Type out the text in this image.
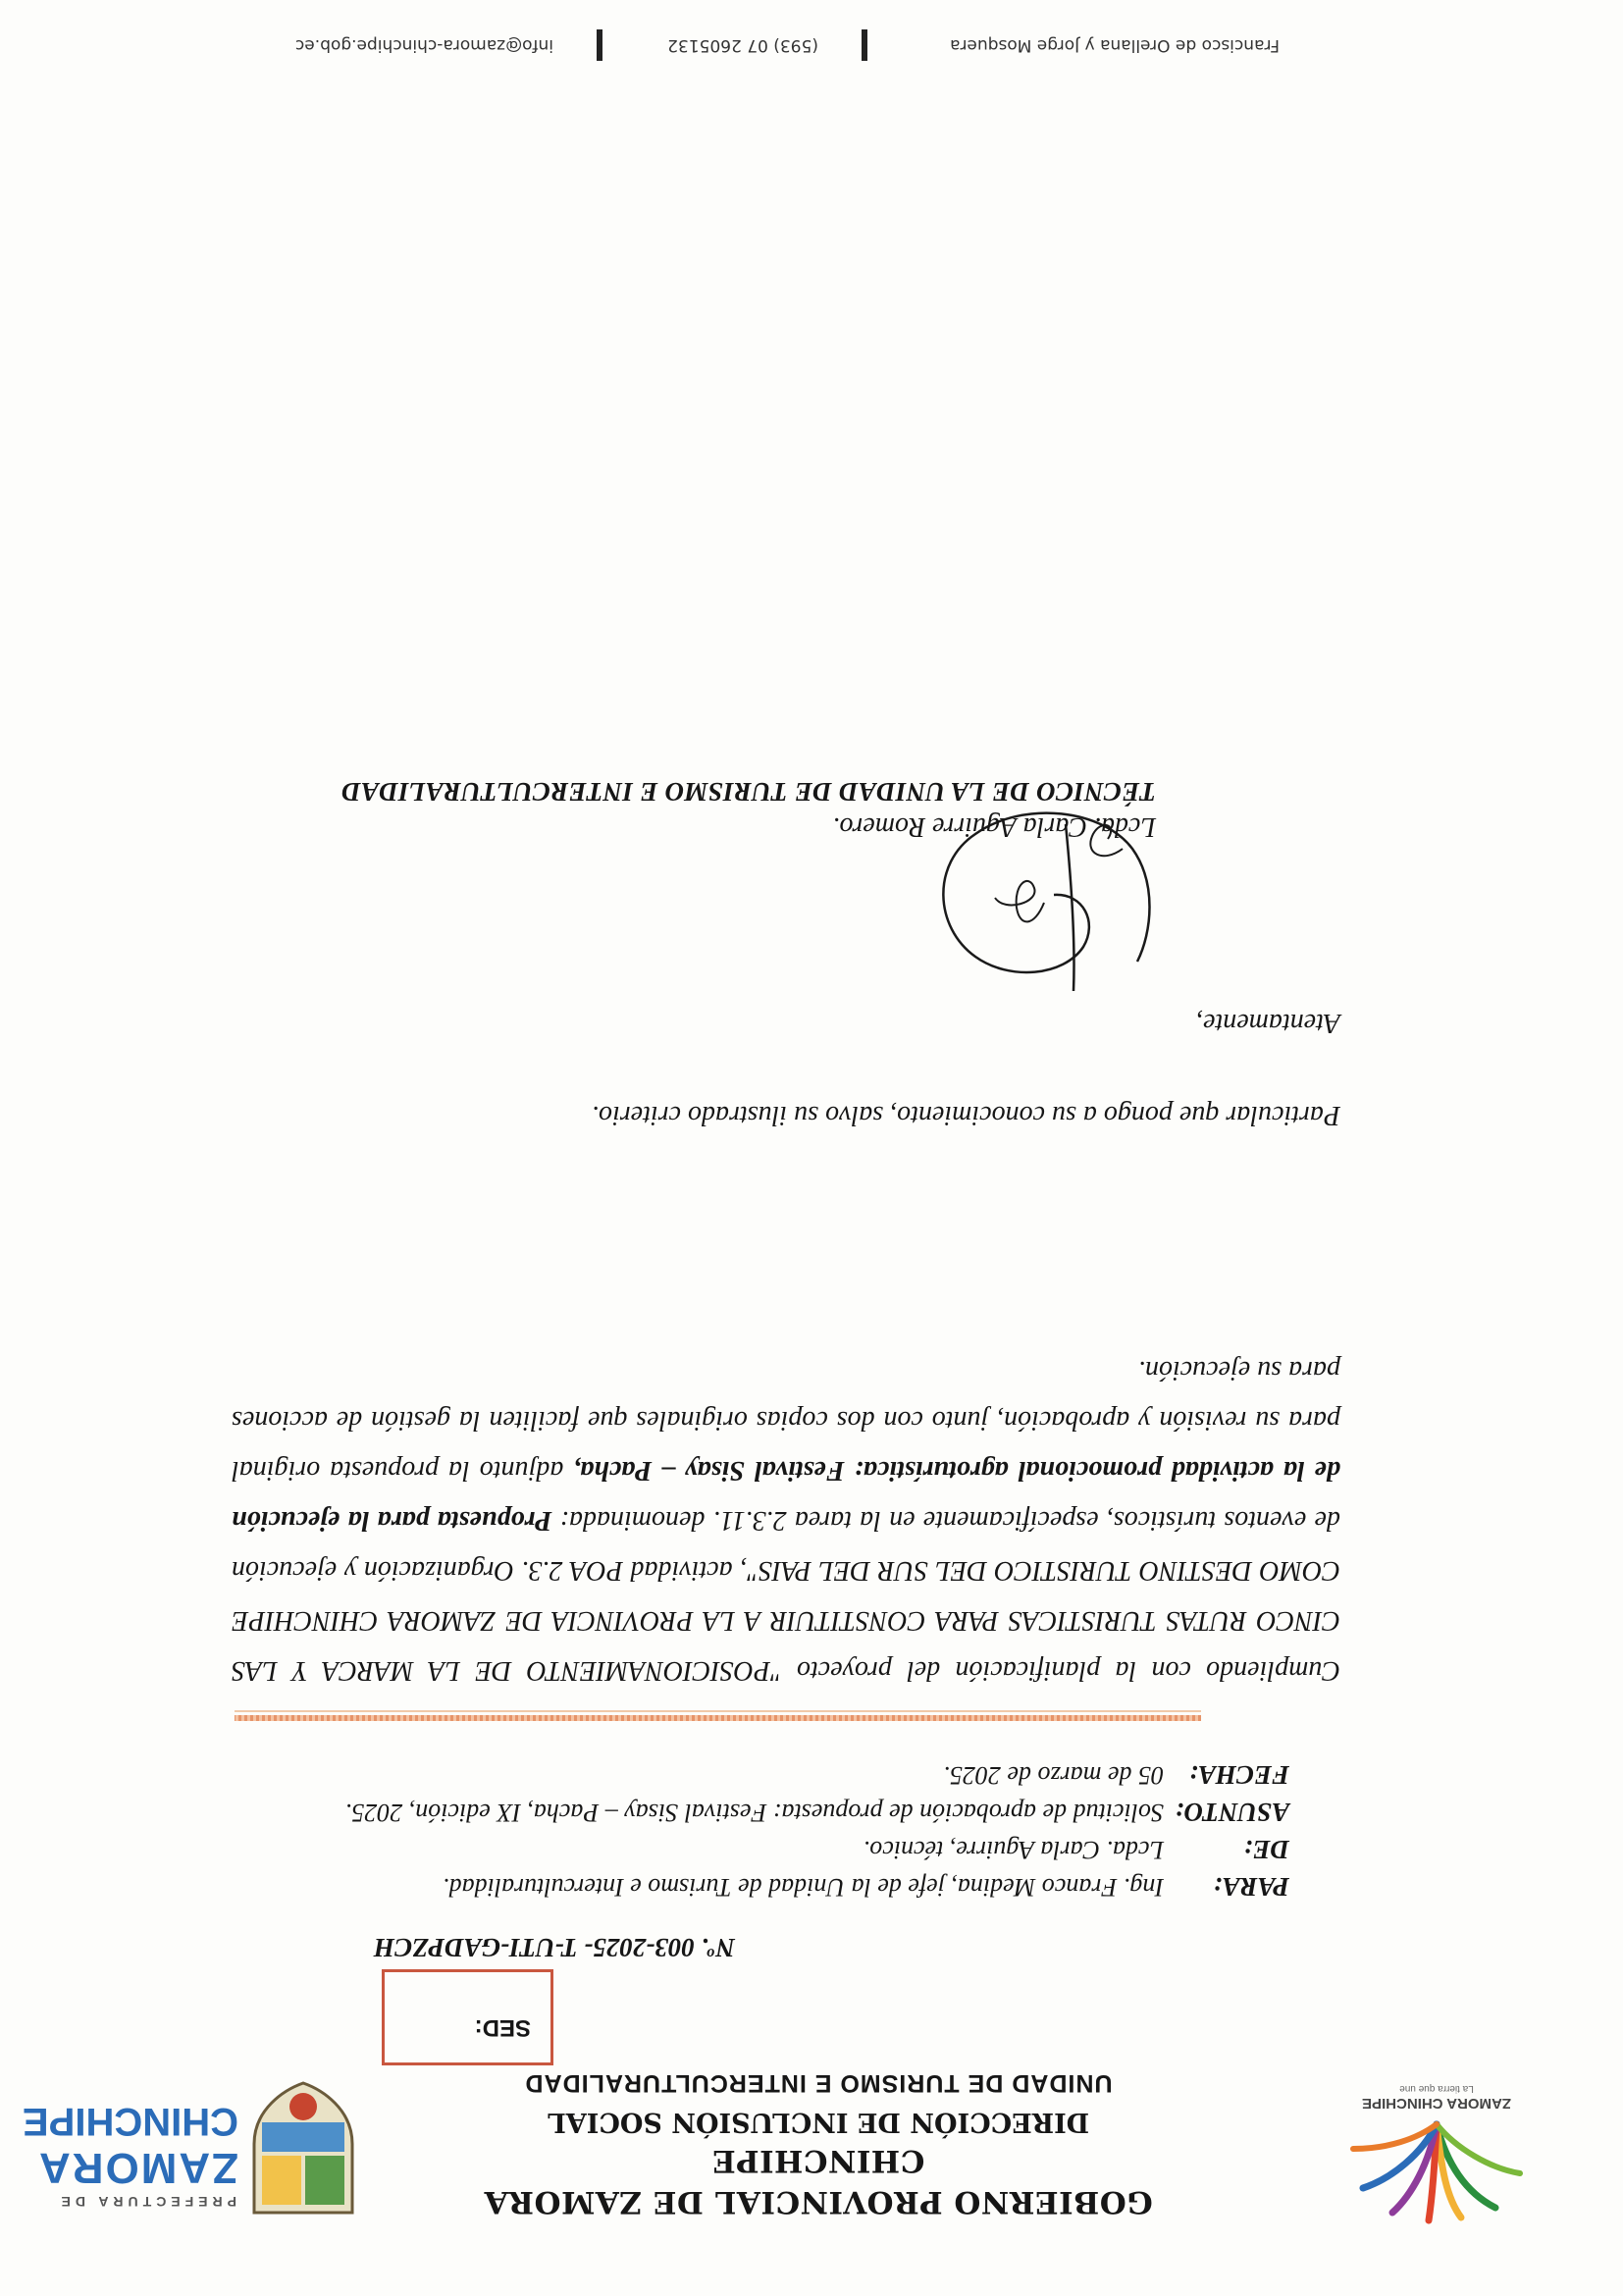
ZAMORA CHINCHIPE
La tierra que une
GOBIERNO PROVINCIAL DE ZAMORA CHINCHIPE
DIRECCIÓN DE INCLUSIÓN SOCIAL
UNIDAD DE TURISMO E INTERCULTURALIDAD
PREFECTURA DE
ZAMORA
CHINCHIPE
SED:
Nº. 003-2025- T-UTI-GADPZCH
PARA:
Ing. Franco Medina, jefe de la Unidad de Turismo e Interculturalidad.
DE:
Lcda. Carla Aguirre, técnico.
ASUNTO:
Solicitud de aprobación de propuesta: Festival Sisay – Pacha, IX edición, 2025.
FECHA:
05 de marzo de 2025.
Cumpliendo con la planificación del proyecto "POSICIONAMIENTO DE LA MARCA Y LAS CINCO RUTAS TURISTICAS PARA CONSTITUIR A LA PROVINCIA DE ZAMORA CHINCHIPE COMO DESTINO TURISTICO DEL SUR DEL PAIS", actividad POA 2.3. Organización y ejecución de eventos turísticos, específicamente en la tarea 2.3.11. denominada: Propuesta para la ejecución de la actividad promocional agroturística: Festival Sisay – Pacha, adjunto la propuesta original para su revisión y aprobación, junto con dos copias originales que faciliten la gestión de acciones para su ejecución.
Particular que pongo a su conocimiento, salvo su ilustrado criterio.
Atentamente,
Lcda. Carla Aguirre Romero.
TÉCNICO DE LA UNIDAD DE TURISMO E INTERCULTURALIDAD
Francisco de Orellana y Jorge Mosquera
(593) 07 2605132
info@zamora-chinchipe.gob.ec
